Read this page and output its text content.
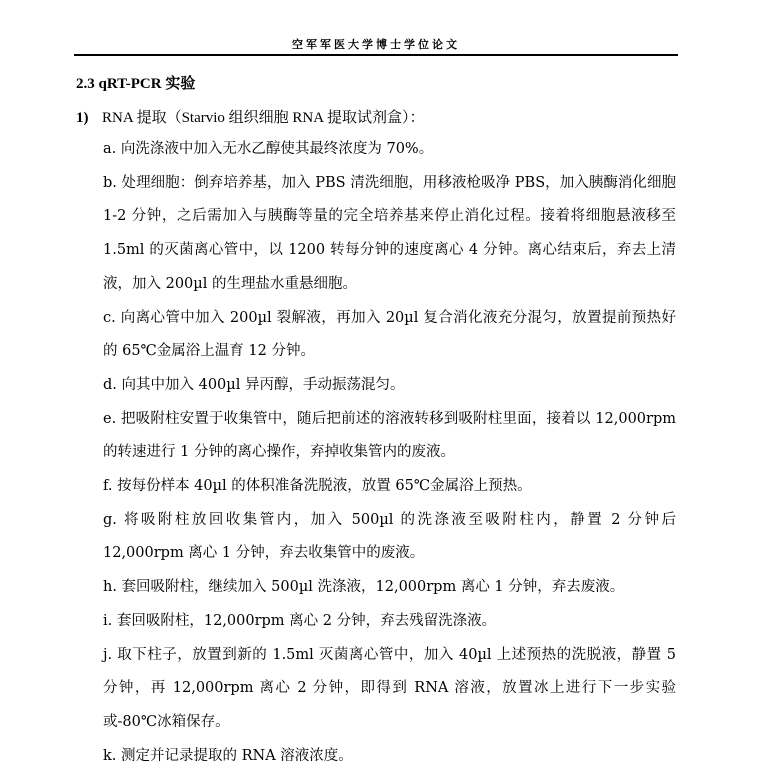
空军军医大学博士学位论文
2.3 qRT-PCR 实验
1) RNA 提取（Starvio 组织细胞 RNA 提取试剂盒）：

a. 向洗涤液中加入无水乙醇使其最终浓度为 70%。

b. 处理细胞：倒弃培养基，加入 PBS 清洗细胞，用移液枪吸净 PBS，加入胰酶消化细胞 1-2 分钟，之后需加入与胰酶等量的完全培养基来停止消化过程。接着将细胞悬液移至 1.5ml 的灭菌离心管中，以 1200 转每分钟的速度离心 4 分钟。离心结束后，弃去上清液，加入 200µl 的生理盐水重悬细胞。

c. 向离心管中加入 200µl 裂解液，再加入 20µl 复合消化液充分混匀，放置提前预热好的 65℃金属浴上温育 12 分钟。

d. 向其中加入 400µl 异丙醇，手动振荡混匀。

e. 把吸附柱安置于收集管中，随后把前述的溶液转移到吸附柱里面，接着以 12,000rpm 的转速进行 1 分钟的离心操作，弃掉收集管内的废液。

f. 按每份样本 40µl 的体积准备洗脱液，放置 65℃金属浴上预热。

g. 将吸附柱放回收集管内，加入 500µl 的洗涤液至吸附柱内，静置 2 分钟后 12,000rpm 离心 1 分钟，弃去收集管中的废液。

h. 套回吸附柱，继续加入 500µl 洗涤液，12,000rpm 离心 1 分钟，弃去废液。

i. 套回吸附柱，12,000rpm 离心 2 分钟，弃去残留洗涤液。

j. 取下柱子，放置到新的 1.5ml 灭菌离心管中，加入 40µl 上述预热的洗脱液，静置 5 分钟，再 12,000rpm 离心 2 分钟，即得到 RNA 溶液，放置冰上进行下一步实验或-80℃冰箱保存。

k. 测定并记录提取的 RNA 溶液浓度。
